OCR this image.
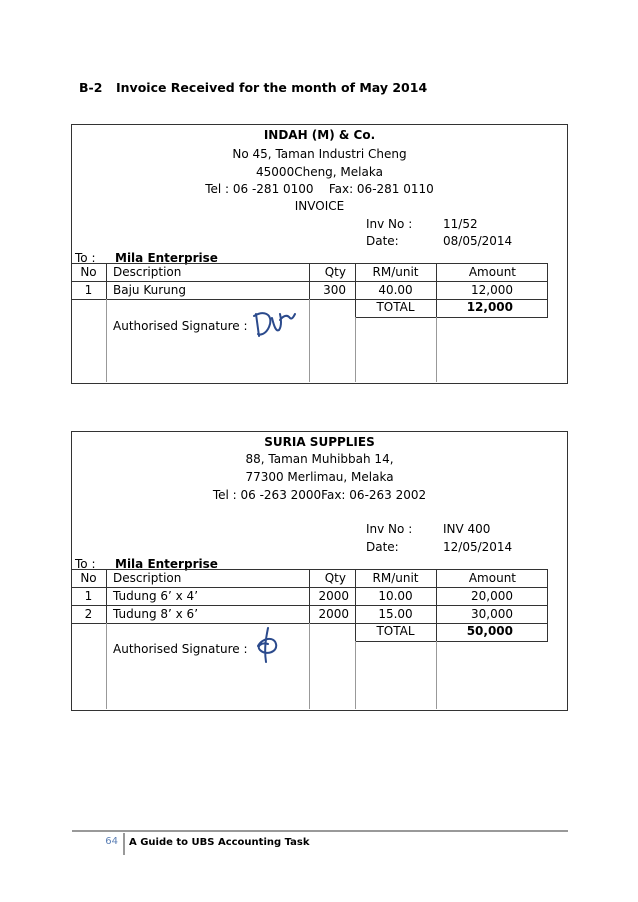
B-2 Invoice Received for the month of May 2014
INDAH (M) & Co.
No 45, Taman Industri Cheng
45000Cheng, Melaka
Tel : 06 -281 0100    Fax: 06-281 0110
INVOICE
Inv No :	11/52
Date:	08/05/2014
To : Mila Enterprise
No	Description	Qty	RM/unit	Amount
1	Baju Kurung	300	40.00	12,000
TOTAL	12,000
Authorised Signature :
SURIA SUPPLIES
88, Taman Muhibbah 14,
77300 Merlimau, Melaka
Tel : 06 -263 2000Fax: 06-263 2002
Inv No :	INV 400
Date:	12/05/2014
To : Mila Enterprise
No	Description	Qty	RM/unit	Amount
1	Tudung 6’ x 4’	2000	10.00	20,000
2	Tudung 8’ x 6’	2000	15.00	30,000
TOTAL	50,000
Authorised Signature :
64 A Guide to UBS Accounting Task
